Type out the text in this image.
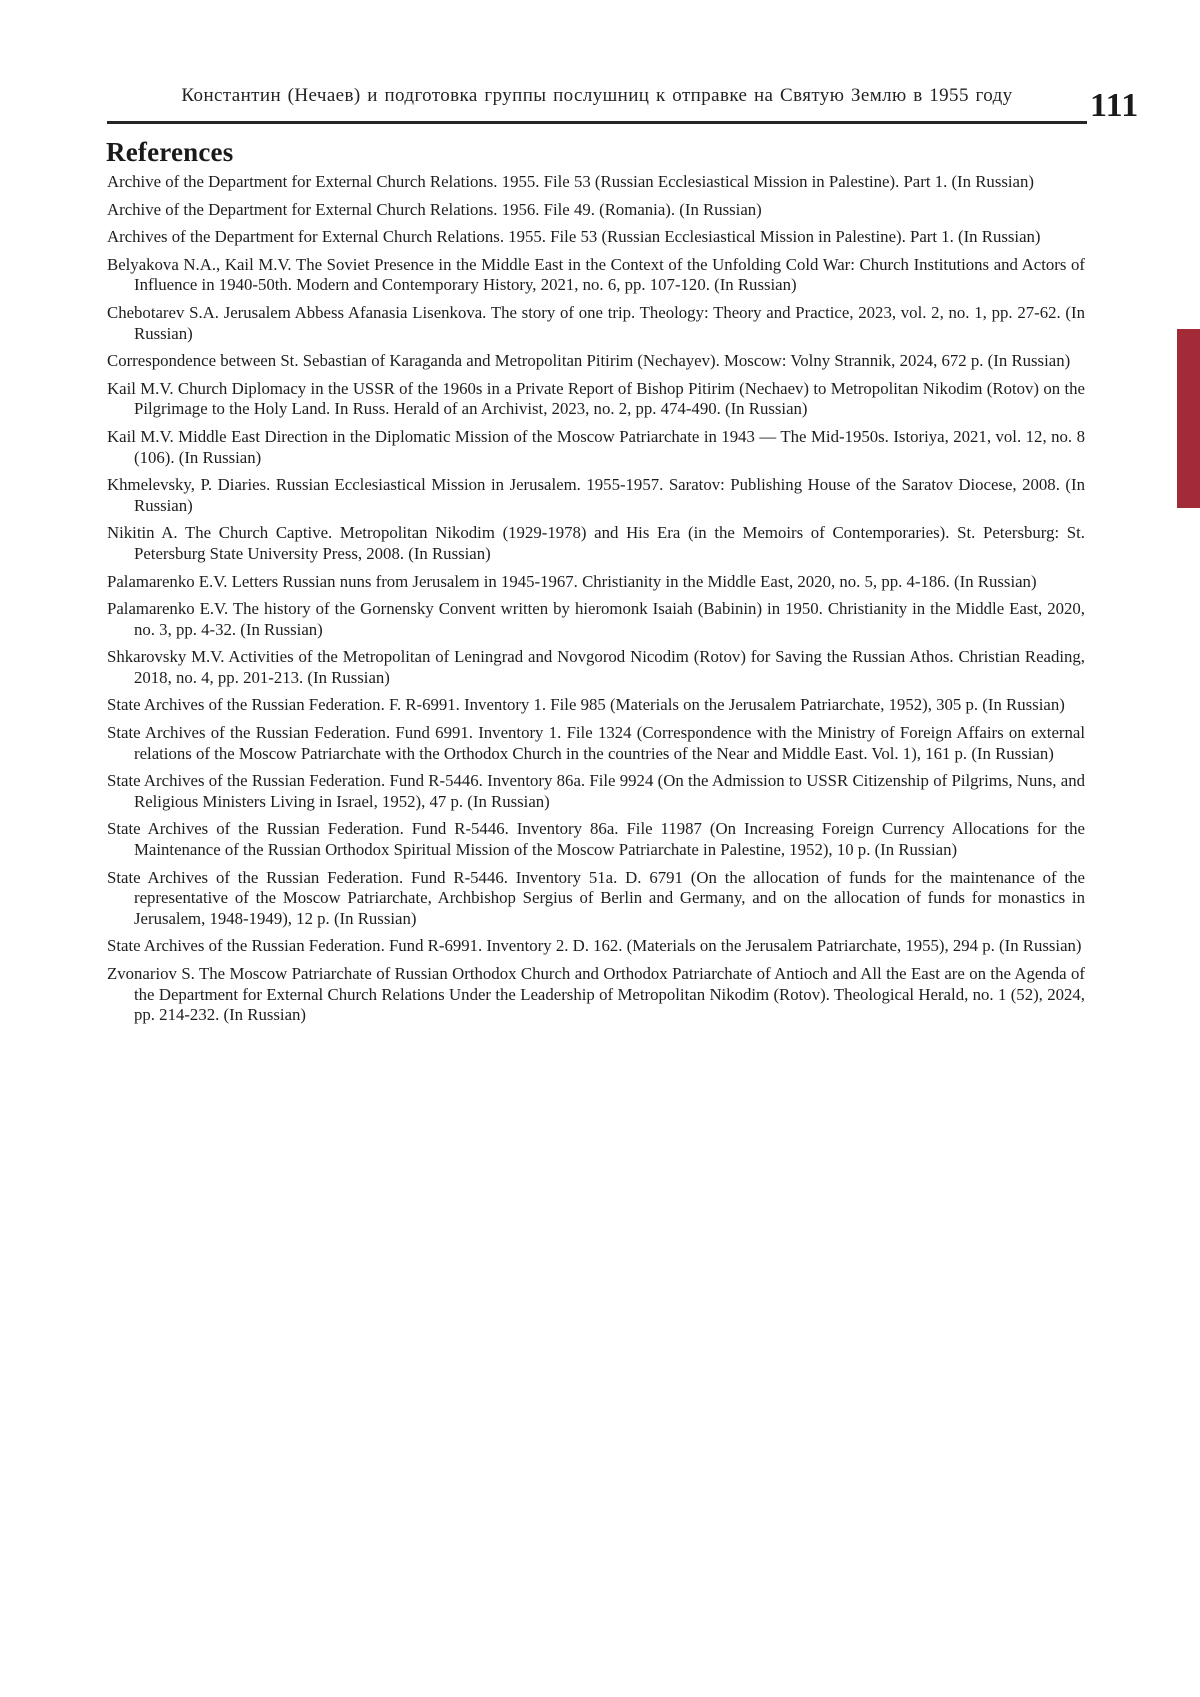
Константин (Нечаев) и подготовка группы послушниц к отправке на Святую Землю в 1955 году	111
References

Archive of the Department for External Church Relations. 1955. File 53 (Russian Ecclesiastical Mission in Palestine). Part 1. (In Russian)

Archive of the Department for External Church Relations. 1956. File 49. (Romania). (In Russian)

Archives of the Department for External Church Relations. 1955. File 53 (Russian Ecclesiastical Mission in Palestine). Part 1. (In Russian)

Belyakova N.A., Kail M.V. The Soviet Presence in the Middle East in the Context of the Unfolding Cold War: Church Institutions and Actors of Influence in 1940-50th. Modern and Contemporary History, 2021, no. 6, pp. 107-120. (In Russian)

Chebotarev S.A. Jerusalem Abbess Afanasia Lisenkova. The story of one trip. Theology: Theory and Practice, 2023, vol. 2, no. 1, pp. 27-62. (In Russian)

Correspondence between St. Sebastian of Karaganda and Metropolitan Pitirim (Nechayev). Moscow: Volny Strannik, 2024, 672 p. (In Russian)

Kail M.V. Church Diplomacy in the USSR of the 1960s in a Private Report of Bishop Pitirim (Nechaev) to Metropolitan Nikodim (Rotov) on the Pilgrimage to the Holy Land. In Russ. Herald of an Archivist, 2023, no. 2, pp. 474-490. (In Russian)

Kail M.V. Middle East Direction in the Diplomatic Mission of the Moscow Patriarchate in 1943 — The Mid-1950s. Istoriya, 2021, vol. 12, no. 8 (106). (In Russian)

Khmelevsky, P. Diaries. Russian Ecclesiastical Mission in Jerusalem. 1955-1957. Saratov: Publishing House of the Saratov Diocese, 2008. (In Russian)

Nikitin A. The Church Captive. Metropolitan Nikodim (1929-1978) and His Era (in the Memoirs of Contemporaries). St. Petersburg: St. Petersburg State University Press, 2008. (In Russian)

Palamarenko E.V. Letters Russian nuns from Jerusalem in 1945-1967. Christianity in the Middle East, 2020, no. 5, pp. 4-186. (In Russian)

Palamarenko E.V. The history of the Gornensky Convent written by hieromonk Isaiah (Babinin) in 1950. Christianity in the Middle East, 2020, no. 3, pp. 4-32. (In Russian)

Shkarovsky M.V. Activities of the Metropolitan of Leningrad and Novgorod Nicodim (Rotov) for Saving the Russian Athos. Christian Reading, 2018, no. 4, pp. 201-213. (In Russian)

State Archives of the Russian Federation. F. R-6991. Inventory 1. File 985 (Materials on the Jerusalem Patriarchate, 1952), 305 p. (In Russian)

State Archives of the Russian Federation. Fund 6991. Inventory 1. File 1324 (Correspondence with the Ministry of Foreign Affairs on external relations of the Moscow Patriarchate with the Orthodox Church in the countries of the Near and Middle East. Vol. 1), 161 p. (In Russian)

State Archives of the Russian Federation. Fund R-5446. Inventory 86a. File 9924 (On the Admission to USSR Citizenship of Pilgrims, Nuns, and Religious Ministers Living in Israel, 1952), 47 p. (In Russian)

State Archives of the Russian Federation. Fund R-5446. Inventory 86a. File 11987 (On Increasing Foreign Currency Allocations for the Maintenance of the Russian Orthodox Spiritual Mission of the Moscow Patriarchate in Palestine, 1952), 10 p. (In Russian)

State Archives of the Russian Federation. Fund R-5446. Inventory 51a. D. 6791 (On the allocation of funds for the maintenance of the representative of the Moscow Patriarchate, Archbishop Sergius of Berlin and Germany, and on the allocation of funds for monastics in Jerusalem, 1948-1949), 12 p. (In Russian)

State Archives of the Russian Federation. Fund R-6991. Inventory 2. D. 162. (Materials on the Jerusalem Patriarchate, 1955), 294 p. (In Russian)

Zvonariov S. The Moscow Patriarchate of Russian Orthodox Church and Orthodox Patriarchate of Antioch and All the East are on the Agenda of the Department for External Church Relations Under the Leadership of Metropolitan Nikodim (Rotov). Theological Herald, no. 1 (52), 2024, pp. 214-232. (In Russian)
